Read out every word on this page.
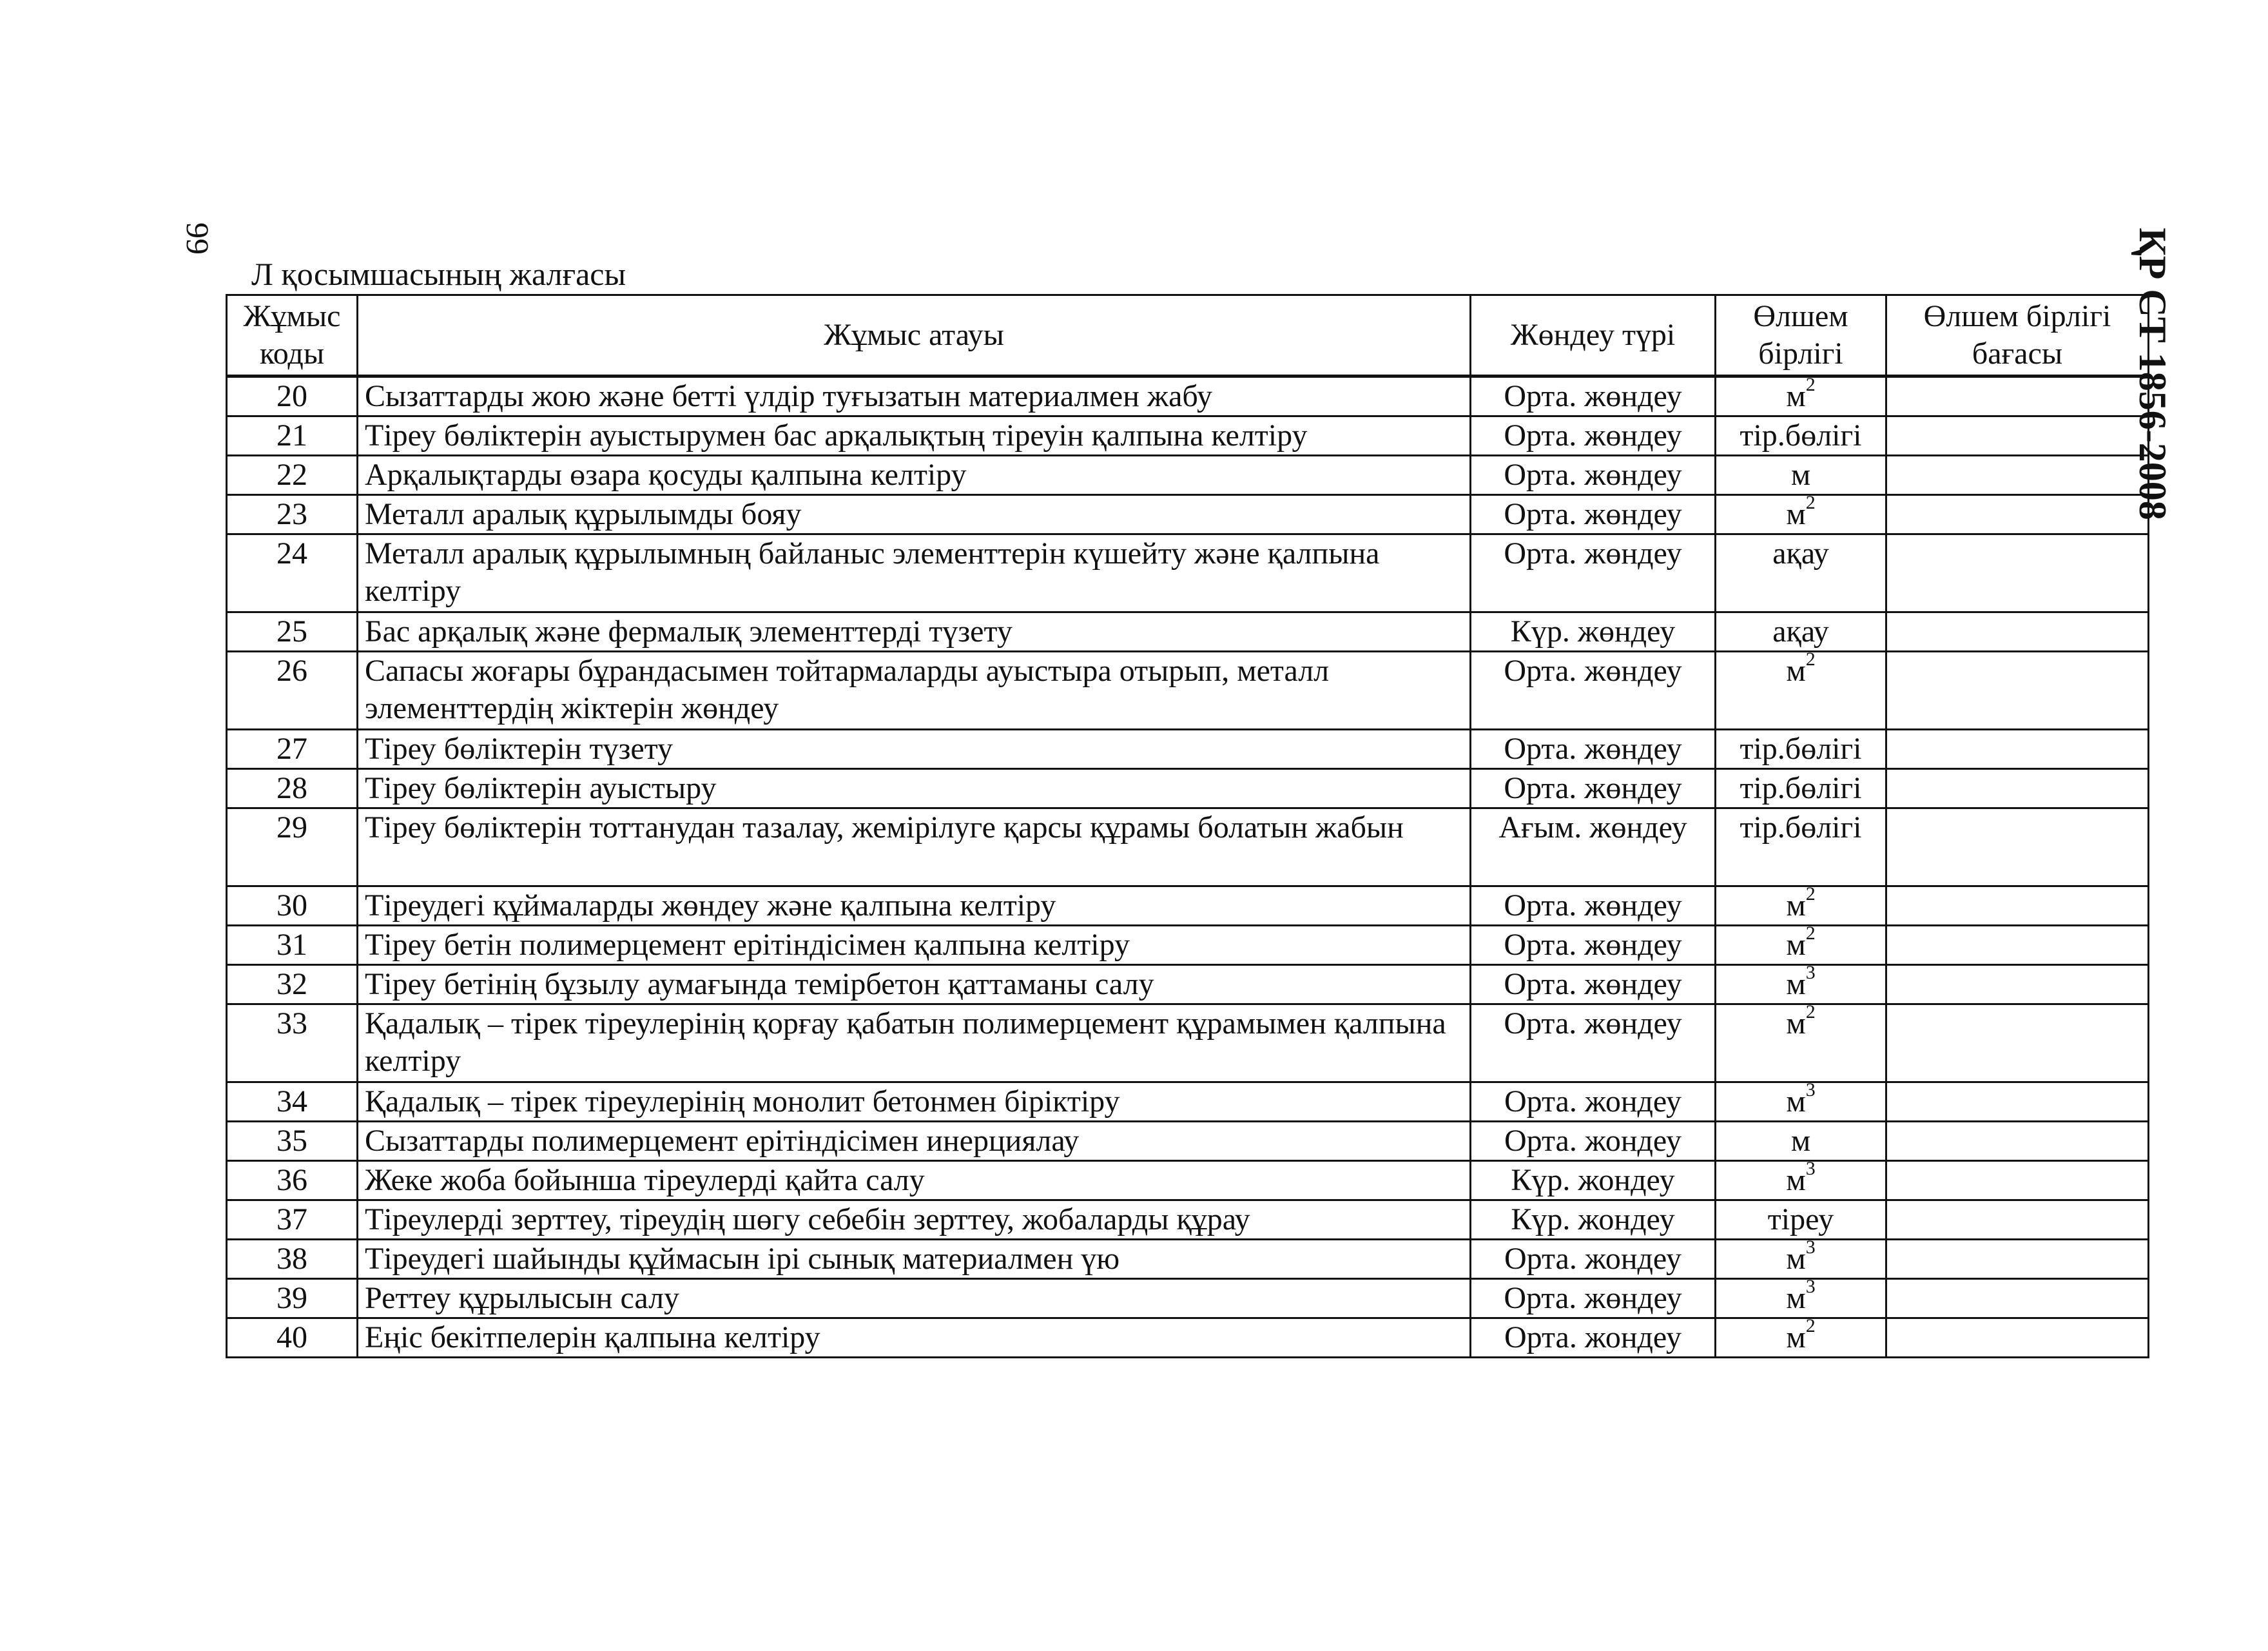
99	ҚР СТ 1856-2008
Л қосымшасының жалғасы
Жұмыс коды	Жұмыс атауы	Жөндеу түрі	Өлшем бірлігі	Өлшем бірлігі бағасы
20	Сызаттарды жою және бетті үлдір туғызатын материалмен жабу	Орта. жөндеу	$м^2$	
21	Тіреу бөліктерін ауыстырумен бас арқалықтың тіреуін қалпына келтіру	Орта. жөндеу	тір.бөлігі	
22	Арқалықтарды өзара қосуды қалпына келтіру	Орта. жөндеу	м	
23	Металл аралық құрылымды бояу	Орта. жөндеу	$м^2$	
24	Металл аралық құрылымның байланыс элементтерін күшейту және қалпына келтіру	Орта. жөндеу	ақау	
25	Бас арқалық және фермалық элементтерді түзету	Күр. жөндеу	ақау	
26	Сапасы жоғары бұрандасымен тойтармаларды ауыстыра отырып, металл элементтердің жіктерін жөндеу	Орта. жөндеу	$м^2$	
27	Тіреу бөліктерін түзету	Орта. жөндеу	тір.бөлігі	
28	Тіреу бөліктерін ауыстыру	Орта. жөндеу	тір.бөлігі	
29	Тіреу бөліктерін тоттанудан тазалау, жемірілуге қарсы құрамы болатын жабын	Ағым. жөндеу	тір.бөлігі	
30	Тіреудегі құймаларды жөндеу және қалпына келтіру	Орта. жөндеу	$м^2$	
31	Тіреу бетін полимерцемент ерітіндісімен қалпына келтіру	Орта. жөндеу	$м^2$	
32	Тіреу бетінің бұзылу аумағында темірбетон қаттаманы салу	Орта. жөндеу	$м^3$	
33	Қадалық – тірек тіреулерінің қорғау қабатын полимерцемент құрамымен қалпына келтіру	Орта. жөндеу	$м^2$	
34	Қадалық – тірек тіреулерінің монолит бетонмен біріктіру	Орта. жондеу	$м^3$	
35	Сызаттарды полимерцемент ерітіндісімен инерциялау	Орта. жондеу	м	
36	Жеке жоба бойынша тіреулерді қайта салу	Күр. жондеу	$м^3$	
37	Тіреулерді зерттеу, тіреудің шөгу себебін зерттеу, жобаларды құрау	Күр. жондеу	тіреу	
38	Тіреудегі шайынды құймасын ірі сынық материалмен үю	Орта. жондеу	$м^3$	
39	Реттеу құрылысын салу	Орта. жөндеу	$м^3$	
40	Еңіс бекітпелерін қалпына келтіру	Орта. жондеу	$м^2$	
